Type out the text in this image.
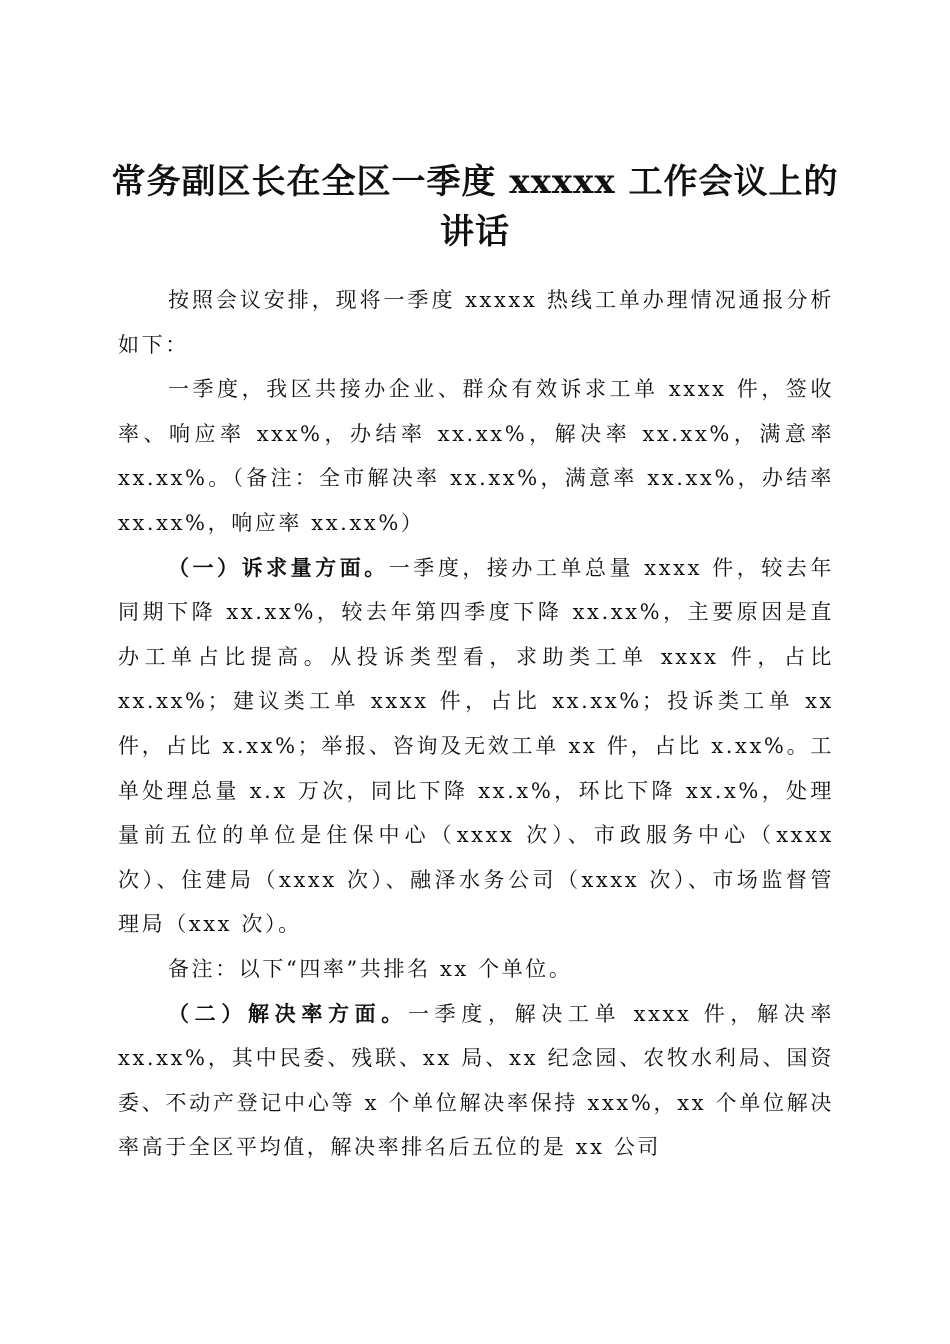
常务副区长在全区一季度 xxxxx 工作会议上的讲话

按照会议安排，现将一季度 xxxxx 热线工单办理情况通报分析如下：

一季度，我区共接办企业、群众有效诉求工单 xxxx 件，签收率、响应率 xxx%，办结率 xx.xx%，解决率 xx.xx%，满意率 xx.xx%。（备注：全市解决率 xx.xx%，满意率 xx.xx%，办结率 xx.xx%，响应率 xx.xx%）

（一）诉求量方面。一季度，接办工单总量 xxxx 件，较去年同期下降 xx.xx%，较去年第四季度下降 xx.xx%，主要原因是直办工单占比提高。从投诉类型看，求助类工单 xxxx 件，占比 xx.xx%；建议类工单 xxxx 件，占比 xx.xx%；投诉类工单 xx 件，占比 x.xx%；举报、咨询及无效工单 xx 件，占比 x.xx%。工单处理总量 x.x 万次，同比下降 xx.x%，环比下降 xx.x%，处理量前五位的单位是住保中心（xxxx 次）、市政服务中心（xxxx 次）、住建局（xxxx 次）、融泽水务公司（xxxx 次）、市场监督管理局（xxx 次）。

备注：以下“四率”共排名 xx 个单位。

（二）解决率方面。一季度，解决工单 xxxx 件，解决率 xx.xx%，其中民委、残联、xx 局、xx 纪念园、农牧水利局、国资委、不动产登记中心等 x 个单位解决率保持 xxx%，xx 个单位解决率高于全区平均值，解决率排名后五位的是 xx 公司
